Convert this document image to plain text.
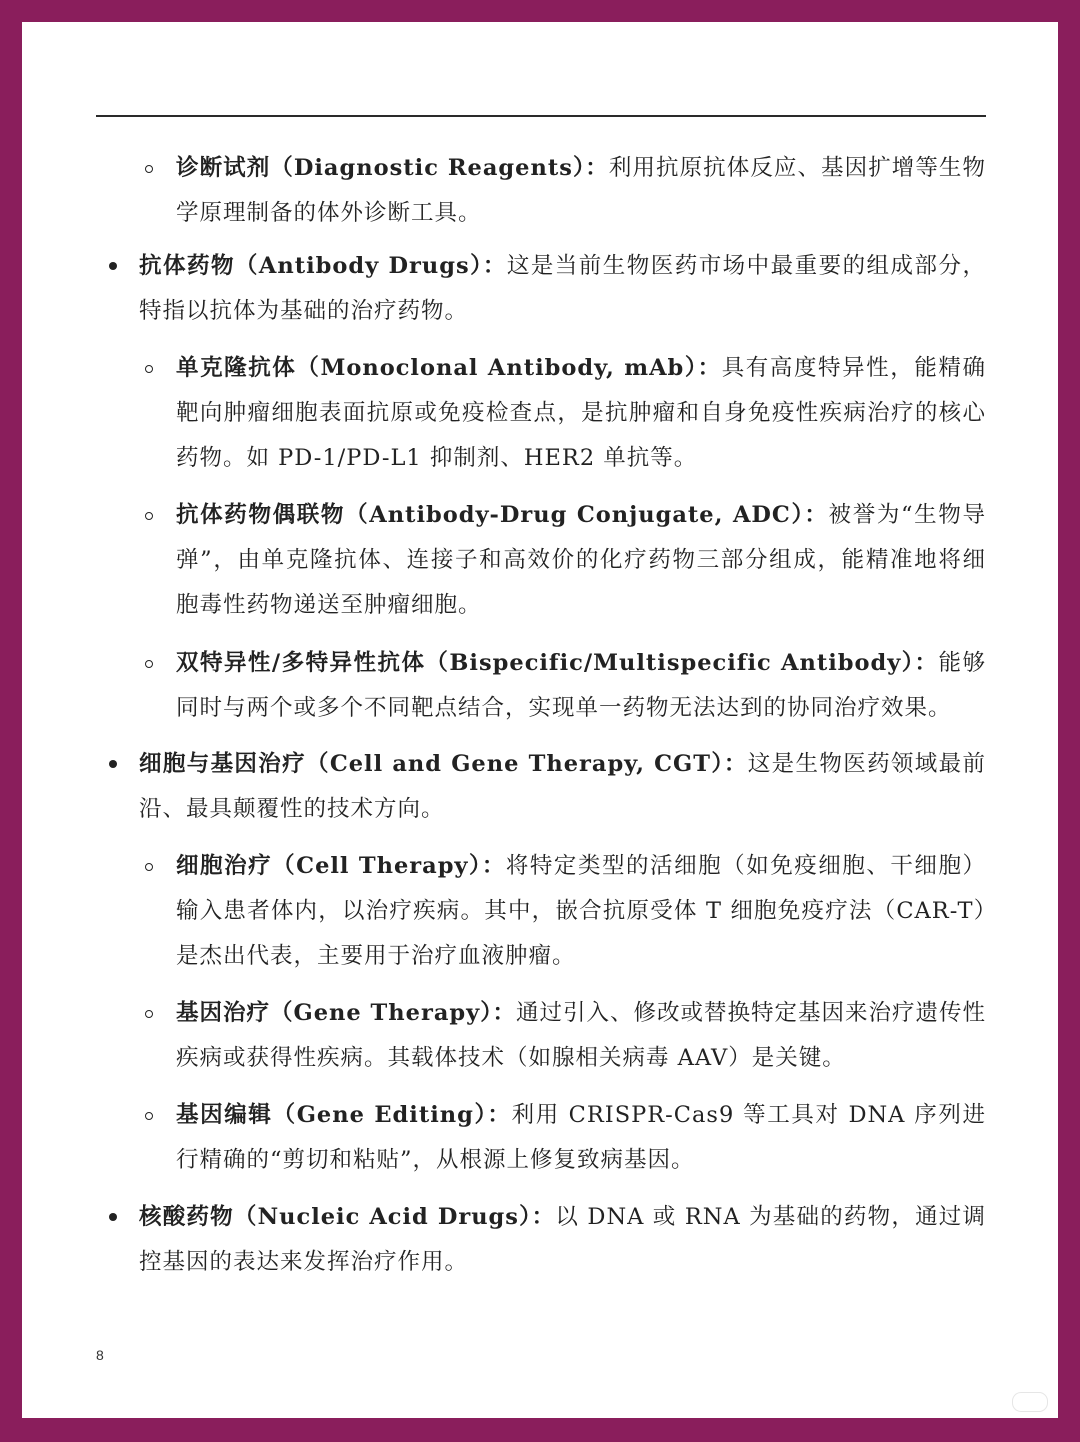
诊断试剂（Diagnostic Reagents）：利用抗原抗体反应、基因扩增等生物学原理制备的体外诊断工具。
抗体药物（Antibody Drugs）：这是当前生物医药市场中最重要的组成部分，特指以抗体为基础的治疗药物。
单克隆抗体（Monoclonal Antibody, mAb）：具有高度特异性，能精确靶向肿瘤细胞表面抗原或免疫检查点，是抗肿瘤和自身免疫性疾病治疗的核心药物。如 PD-1/PD-L1 抑制剂、HER2 单抗等。
抗体药物偶联物（Antibody-Drug Conjugate, ADC）：被誉为“生物导弹”，由单克隆抗体、连接子和高效价的化疗药物三部分组成，能精准地将细胞毒性药物递送至肿瘤细胞。
双特异性/多特异性抗体（Bispecific/Multispecific Antibody）：能够同时与两个或多个不同靶点结合，实现单一药物无法达到的协同治疗效果。
细胞与基因治疗（Cell and Gene Therapy, CGT）：这是生物医药领域最前沿、最具颠覆性的技术方向。
细胞治疗（Cell Therapy）：将特定类型的活细胞（如免疫细胞、干细胞）输入患者体内，以治疗疾病。其中，嵌合抗原受体 T 细胞免疫疗法（CAR-T）是杰出代表，主要用于治疗血液肿瘤。
基因治疗（Gene Therapy）：通过引入、修改或替换特定基因来治疗遗传性疾病或获得性疾病。其载体技术（如腺相关病毒 AAV）是关键。
基因编辑（Gene Editing）：利用 CRISPR-Cas9 等工具对 DNA 序列进行精确的“剪切和粘贴”，从根源上修复致病基因。
核酸药物（Nucleic Acid Drugs）：以 DNA 或 RNA 为基础的药物，通过调控基因的表达来发挥治疗作用。
8
